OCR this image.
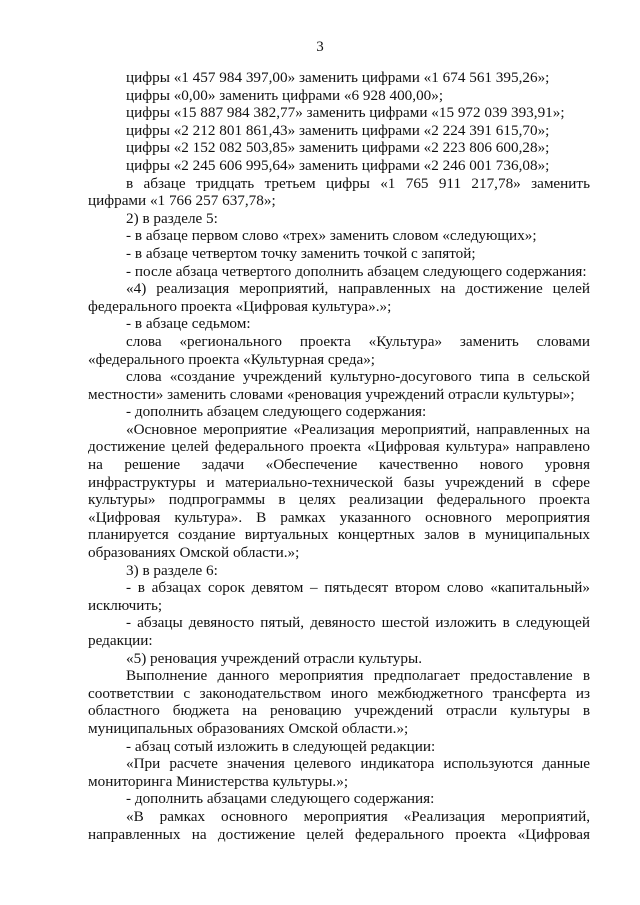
3

цифры «1 457 984 397,00» заменить цифрами «1 674 561 395,26»;

цифры «0,00» заменить цифрами «6 928 400,00»;

цифры «15 887 984 382,77» заменить цифрами «15 972 039 393,91»;

цифры «2 212 801 861,43» заменить цифрами «2 224 391 615,70»;

цифры «2 152 082 503,85» заменить цифрами «2 223 806 600,28»;

цифры «2 245 606 995,64» заменить цифрами «2 246 001 736,08»;

в абзаце тридцать третьем цифры «1 765 911 217,78» заменить цифрами «1 766 257 637,78»;

2) в разделе 5:

- в абзаце первом слово «трех» заменить словом «следующих»;

- в абзаце четвертом точку заменить точкой с запятой;

- после абзаца четвертого дополнить абзацем следующего содержания:

«4) реализация мероприятий, направленных на достижение целей федерального проекта «Цифровая культура».»;

- в абзаце седьмом:

слова «регионального проекта «Культура» заменить словами «федерального проекта «Культурная среда»;

слова «создание учреждений культурно-досугового типа в сельской местности» заменить словами «реновация учреждений отрасли культуры»;

- дополнить абзацем следующего содержания:

«Основное мероприятие «Реализация мероприятий, направленных на достижение целей федерального проекта «Цифровая культура» направлено на решение задачи «Обеспечение качественно нового уровня инфраструктуры и материально-технической базы учреждений в сфере культуры» подпрограммы в целях реализации федерального проекта «Цифровая культура». В рамках указанного основного мероприятия планируется создание виртуальных концертных залов в муниципальных образованиях Омской области.»;

3) в разделе 6:

- в абзацах сорок девятом – пятьдесят втором слово «капитальный» исключить;

- абзацы девяносто пятый, девяносто шестой изложить в следующей редакции:

«5) реновация учреждений отрасли культуры.

Выполнение данного мероприятия предполагает предоставление в соответствии с законодательством иного межбюджетного трансферта из областного бюджета на реновацию учреждений отрасли культуры в муниципальных образованиях Омской области.»;

- абзац сотый изложить в следующей редакции:

«При расчете значения целевого индикатора используются данные мониторинга Министерства культуры.»;

- дополнить абзацами следующего содержания:

«В рамках основного мероприятия «Реализация мероприятий, направленных на достижение целей федерального проекта «Цифровая
